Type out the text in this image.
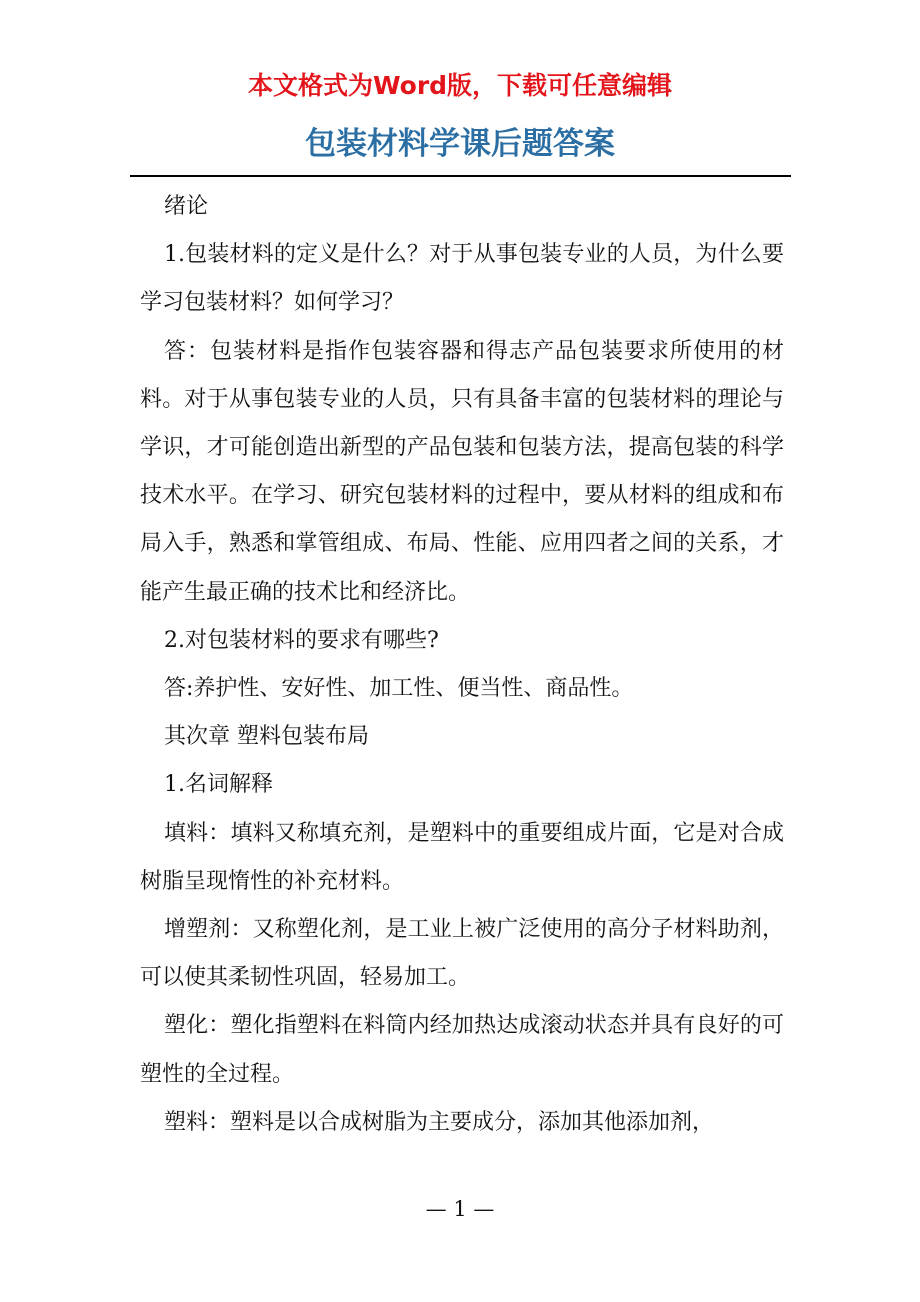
本文格式为Word版，下载可任意编辑
包装材料学课后题答案

绪论

1.包装材料的定义是什么？对于从事包装专业的人员，为什么要学习包装材料？如何学习？

答：包装材料是指作包装容器和得志产品包装要求所使用的材料。对于从事包装专业的人员，只有具备丰富的包装材料的理论与学识，才可能创造出新型的产品包装和包装方法，提高包装的科学技术水平。在学习、研究包装材料的过程中，要从材料的组成和布局入手，熟悉和掌管组成、布局、性能、应用四者之间的关系，才能产生最正确的技术比和经济比。

2.对包装材料的要求有哪些?

答:养护性、安好性、加工性、便当性、商品性。

其次章 塑料包装布局

1.名词解释

填料：填料又称填充剂，是塑料中的重要组成片面，它是对合成树脂呈现惰性的补充材料。

增塑剂：又称塑化剂，是工业上被广泛使用的高分子材料助剂，可以使其柔韧性巩固，轻易加工。

塑化：塑化指塑料在料筒内经加热达成滚动状态并具有良好的可塑性的全过程。

塑料：塑料是以合成树脂为主要成分，添加其他添加剂，

— 1 —
